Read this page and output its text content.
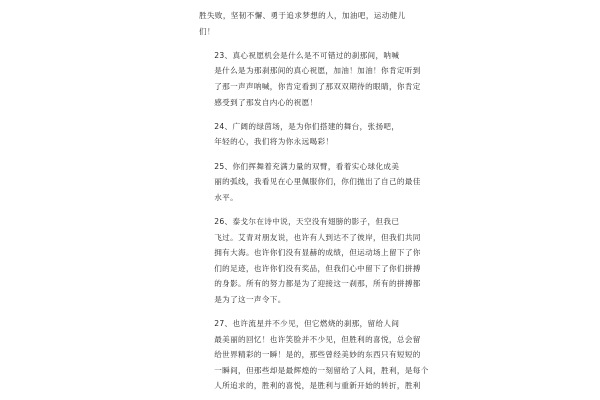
胜失败，坚韧不懈、勇于追求梦想的人，加油吧，运动健儿
们！

23、真心祝愿机会是什么是不可错过的刹那间，呐喊
是什么是为那刹那间的真心祝愿，加油！加油！你肯定听到
了那一声声呐喊，你肯定看到了那双双期待的眼睛，你肯定
感受到了那发自内心的祝愿！

24、广阔的绿茵场，是为你们搭建的舞台，张扬吧，
年轻的心，我们将为你永远喝彩！

25、你们挥舞着充满力量的双臂，看着实心球化成美
丽的弧线，我看见在心里佩服你们，你们抛出了自己的最佳
水平。

26、泰戈尔在诗中说，天空没有翅膀的影子，但我已
飞过。艾青对朋友说，也许有人到达不了彼岸，但我们共同
拥有大海。也许你们没有显赫的成绩，但运动场上留下了你
们的足迹，也许你们没有奖品，但我们心中留下了你们拼搏
的身影。所有的努力都是为了迎接这一刹那，所有的拼搏都
是为了这一声令下。

27、也许流星并不少见，但它燃烧的刹那，留给人间
最美丽的回忆！也许笑脸并不少见，但胜利的喜悦，总会留
给世界精彩的一瞬！是的，那些曾经美妙的东西只有短短的
一瞬间，但那些却是最辉煌的一刻留给了人间，胜利，是每个
人所追求的，胜利的喜悦，是胜利与重新开始的转折，胜利
